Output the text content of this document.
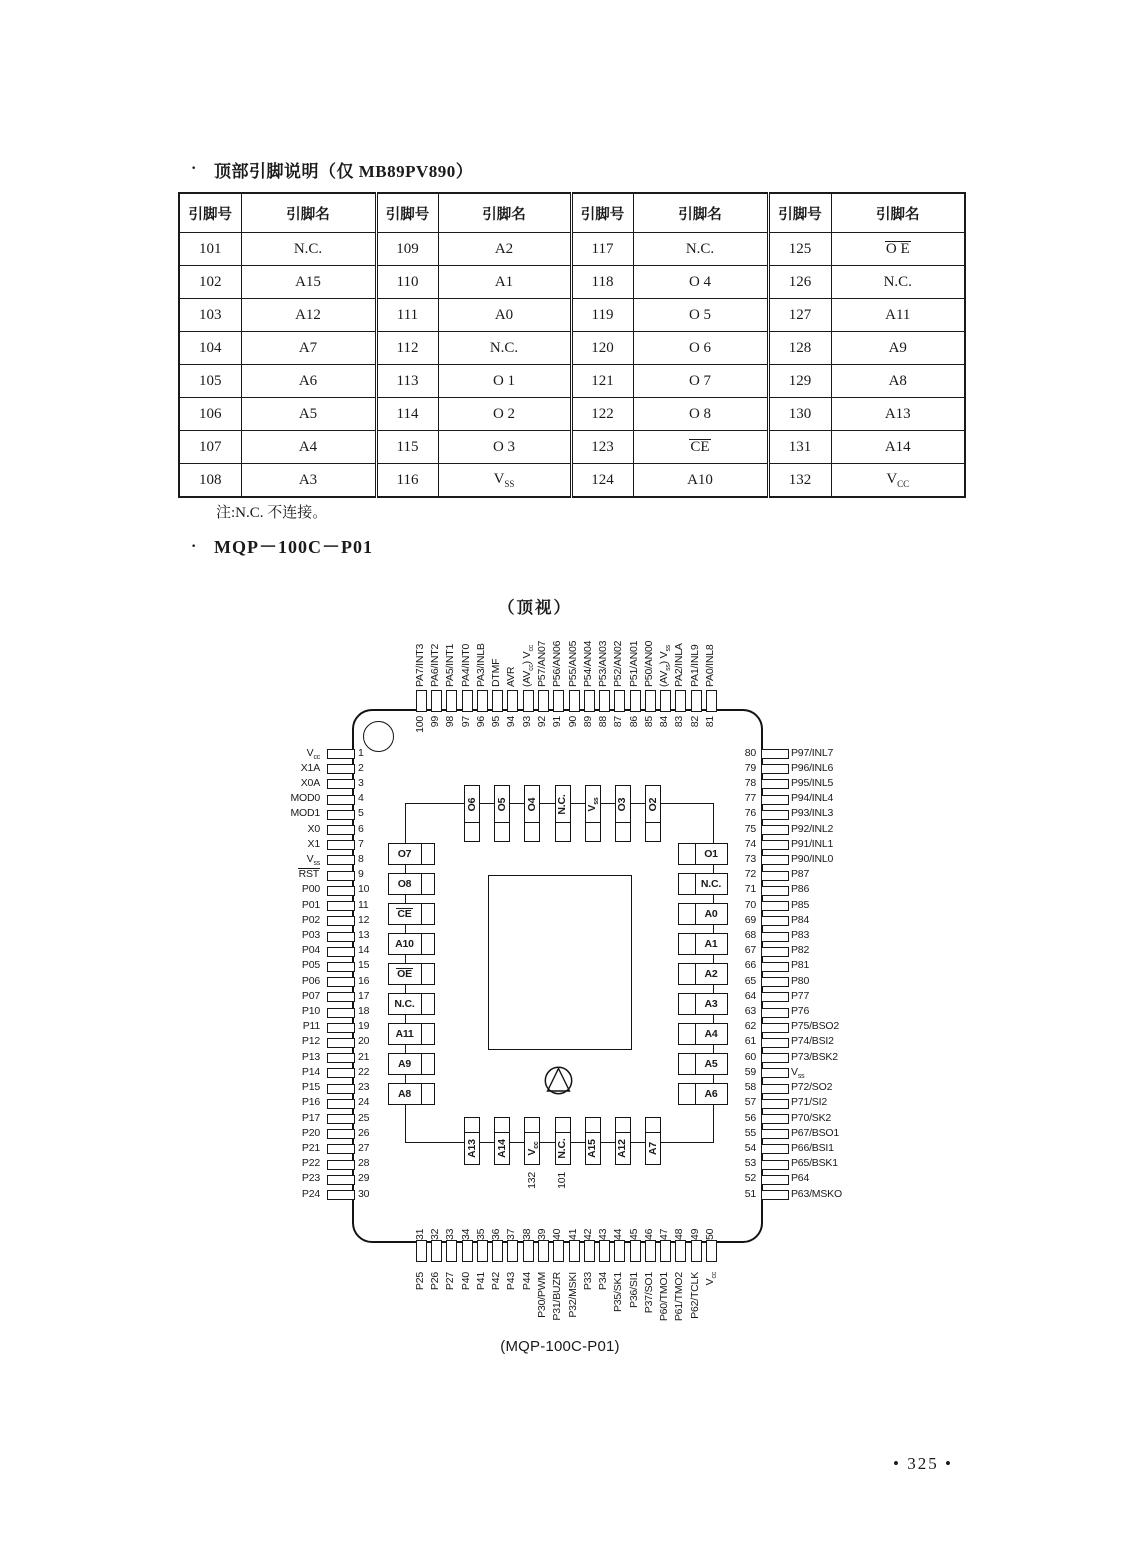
· 顶部引脚说明（仅 MB89PV890）
引脚号	引脚名	引脚号	引脚名	引脚号	引脚名	引脚号	引脚名
101	N.C.	109	A2	117	N.C.	125	O E
102	A15	110	A1	118	O 4	126	N.C.
103	A12	111	A0	119	O 5	127	A11
104	A7	112	N.C.	120	O 6	128	A9
105	A6	113	O 1	121	O 7	129	A8
106	A5	114	O 2	122	O 8	130	A13
107	A4	115	O 3	123	CE	131	A14
108	A3	116	$V_{SS}$	124	A10	132	$V_{CC}$
注:N.C. 不连接。
· MQP－100C－P01
（顶视）
(MQP-100C-P01)
PA7/INT3
100
PA6/INT2
99
PA5/INT1
98
PA4/INT0
97
PA3/INLB
96
DTMF
95
AVR
94
$(AV_{cc})$ $V_{cc}$
93
P57/AN07
92
P56/AN06
91
P55/AN05
90
P54/AN04
89
P53/AN03
88
P52/AN02
87
P51/AN01
86
P50/AN00
85
$(AV_{ss})$ $V_{ss}$
84
PA2/INLA
83
PA1/INL9
82
PA0/INL8
81
31
P25
32
P26
33
P27
34
P40
35
P41
36
P42
37
P43
38
P44
39
P30/PWM
40
P31/BUZR
41
P32/MSKI
42
P33
43
P34
44
P35/SK1
45
P36/SI1
46
P37/SO1
47
P60/TMO1
48
P61/TMO2
49
P62/TCLK
50
$V_{cc}$
$V_{cc}$	1
X1A	2
X0A	3
MOD0	4
MOD1	5
X0	6
X1	7
$V_{ss}$	8
RST	9
P00	10
P01	11
P02	12
P03	13
P04	14
P05	15
P06	16
P07	17
P10	18
P11	19
P12	20
P13	21
P14	22
P15	23
P16	24
P17	25
P20	26
P21	27
P22	28
P23	29
P24	30
80	P97/INL7
79	P96/INL6
78	P95/INL5
77	P94/INL4
76	P93/INL3
75	P92/INL2
74	P91/INL1
73	P90/INL0
72	P87
71	P86
70	P85
69	P84
68	P83
67	P82
66	P81
65	P80
64	P77
63	P76
62	P75/BSO2
61	P74/BSI2
60	P73/BSK2
59	$V_{ss}$
58	P72/SO2
57	P71/SI2
56	P70/SK2
55	P67/BSO1
54	P66/BSI1
53	P65/BSK1
52	P64
51	P63/MSKO
O6 O5 O4 N.C. $V_{ss}$ O3 O2
A13 A14 $V_{cc}$ N.C. A15 A12 A7
132 101
O7
O8
CE
A10
OE
N.C.
A11
A9
A8
O1
N.C.
A0
A1
A2
A3
A4
A5
A6
• 325 •
